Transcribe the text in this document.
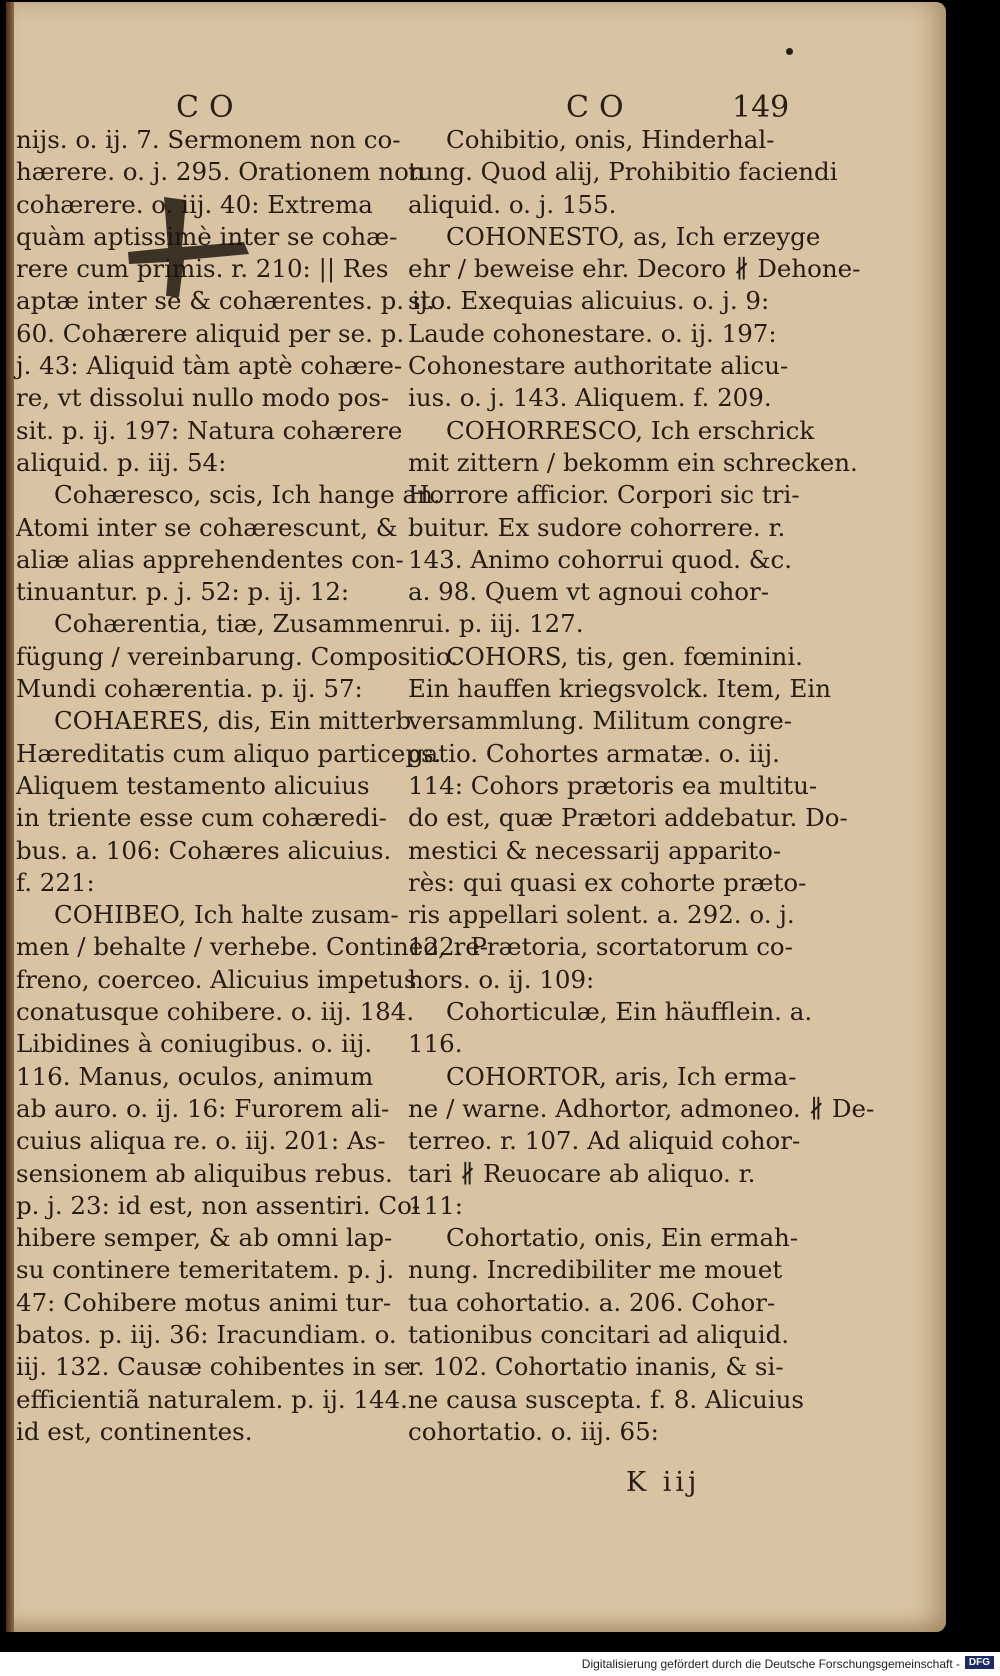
CO	CO	149
nijs. o. ij. 7. Sermonem non co-
hærere. o. j. 295. Orationem non
cohærere. o. iij. 40: Extrema
quàm aptissimè inter se cohæ-
rere cum primis. r. 210: || Res
aptæ inter se & cohærentes. p. ij.
60. Cohærere aliquid per se. p.
j. 43: Aliquid tàm aptè cohære-
re, vt dissolui nullo modo pos-
sit. p. ij. 197: Natura cohærere
aliquid. p. iij. 54:
Cohæresco, scis, Ich hange an.
Atomi inter se cohærescunt, &
aliæ alias apprehendentes con-
tinuantur. p. j. 52: p. ij. 12:
Cohærentia, tiæ, Zusammen
fügung / vereinbarung. Compositio.
Mundi cohærentia. p. ij. 57:
COHAERES, dis, Ein mitterb.
Hæreditatis cum aliquo particeps.
Aliquem testamento alicuius
in triente esse cum cohæredi-
bus. a. 106: Cohæres alicuius.
f. 221:
COHIBEO, Ich halte zusam-
men / behalte / verhebe. Contineo, re-
freno, coerceo. Alicuius impetus
conatusque cohibere. o. iij. 184.
Libidines à coniugibus. o. iij.
116. Manus, oculos, animum
ab auro. o. ij. 16: Furorem ali-
cuius aliqua re. o. iij. 201: As-
sensionem ab aliquibus rebus.
p. j. 23: id est, non assentiri. Co-
hibere semper, & ab omni lap-
su continere temeritatem. p. j.
47: Cohibere motus animi tur-
batos. p. iij. 36: Iracundiam. o.
iij. 132. Causæ cohibentes in se
efficientiã naturalem. p. ij. 144.
id est, continentes.
Cohibitio, onis, Hinderhal-
tung. Quod alij, Prohibitio faciendi
aliquid. o. j. 155.
COHONESTO, as, Ich erzeyge
ehr / beweise ehr. Decoro ∦ Dehone-
sto. Exequias alicuius. o. j. 9:
Laude cohonestare. o. ij. 197:
Cohonestare authoritate alicu-
ius. o. j. 143. Aliquem. f. 209.
COHORRESCO, Ich erschrick
mit zittern / bekomm ein schrecken.
Horrore afficior. Corpori sic tri-
buitur. Ex sudore cohorrere. r.
143. Animo cohorrui quod. &c.
a. 98. Quem vt agnoui cohor-
rui. p. iij. 127.
COHORS, tis, gen. fœminini.
Ein hauffen kriegsvolck. Item, Ein
versammlung. Militum congre-
gatio. Cohortes armatæ. o. iij.
114: Cohors prætoris ea multitu-
do est, quæ Prætori addebatur. Do-
mestici & necessarij apparito-
rès: qui quasi ex cohorte præto-
ris appellari solent. a. 292. o. j.
122. Prætoria, scortatorum co-
hors. o. ij. 109:
Cohorticulæ, Ein häufflein. a.
116.
COHORTOR, aris, Ich erma-
ne / warne. Adhortor, admoneo. ∦ De-
terreo. r. 107. Ad aliquid cohor-
tari ∦ Reuocare ab aliquo. r.
111:
Cohortatio, onis, Ein ermah-
nung. Incredibiliter me mouet
tua cohortatio. a. 206. Cohor-
tationibus concitari ad aliquid.
r. 102. Cohortatio inanis, & si-
ne causa suscepta. f. 8. Alicuius
cohortatio. o. iij. 65:
K iij
Digitalisierung gefördert durch die Deutsche Forschungsgemeinschaft - DFG
